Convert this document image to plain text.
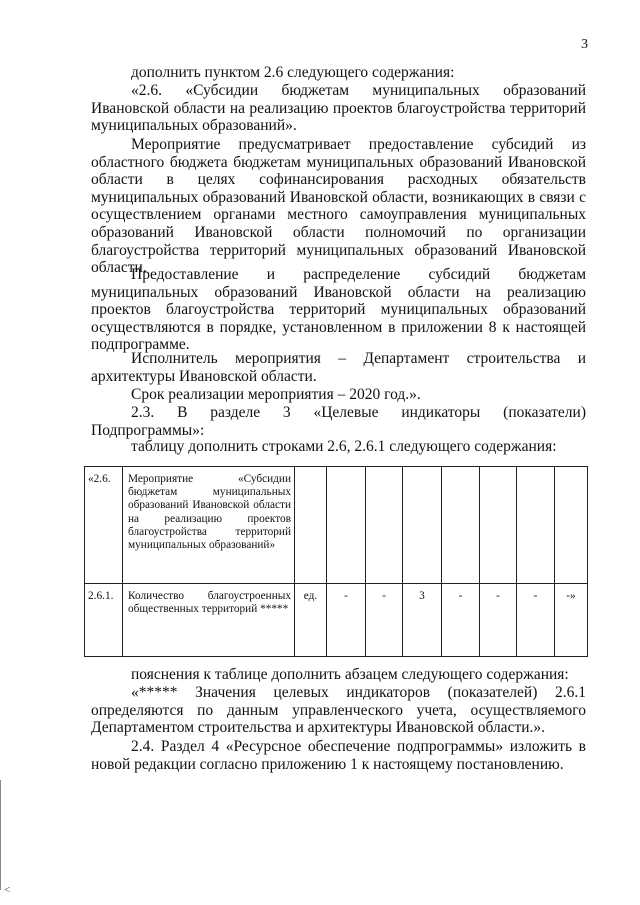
3

дополнить пунктом 2.6 следующего содержания:

«2.6. «Субсидии бюджетам муниципальных образований Ивановской области на реализацию проектов благоустройства территорий муниципальных образований».

Мероприятие предусматривает предоставление субсидий из областного бюджета бюджетам муниципальных образований Ивановской области в целях софинансирования расходных обязательств муниципальных образований Ивановской области, возникающих в связи с осуществлением органами местного самоуправления муниципальных образований Ивановской области полномочий по организации благоустройства территорий муниципальных образований Ивановской области.

Предоставление и распределение субсидий бюджетам муниципальных образований Ивановской области на реализацию проектов благоустройства территорий муниципальных образований осуществляются в порядке, установленном в приложении 8 к настоящей подпрограмме.

Исполнитель мероприятия – Департамент строительства и архитектуры Ивановской области.

Срок реализации мероприятия – 2020 год.».

2.3. В разделе 3 «Целевые индикаторы (показатели) Подпрограммы»:

таблицу дополнить строками 2.6, 2.6.1 следующего содержания:

«2.6.	Мероприятие «Субсидии бюджетам муниципальных образований Ивановской области на реализацию проектов благоустройства территорий муниципальных образований»								
2.6.1.	Количество благоустроенных общественных территорий *****	ед.	-	-	3	-	-	-	-»

пояснения к таблице дополнить абзацем следующего содержания:

«***** Значения целевых индикаторов (показателей) 2.6.1 определяются по данным управленческого учета, осуществляемого Департаментом строительства и архитектуры Ивановской области.».

2.4. Раздел 4 «Ресурсное обеспечение подпрограммы» изложить в новой редакции согласно приложению 1 к настоящему постановлению.

<
